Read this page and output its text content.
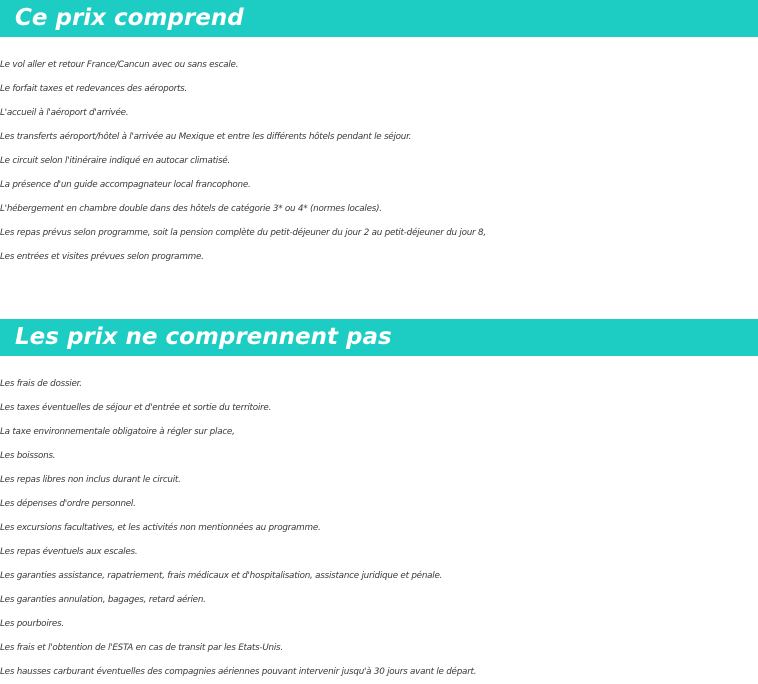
Ce prix comprend
Le vol aller et retour France/Cancun avec ou sans escale.
Le forfait taxes et redevances des aéroports.
L'accueil à l'aéroport d'arrivée.
Les transferts aéroport/hôtel à l'arrivée au Mexique et entre les différents hôtels pendant le séjour.
Le circuit selon l'itinéraire indiqué en autocar climatisé.
La présence d'un guide accompagnateur local francophone.
L'hébergement en chambre double dans des hôtels de catégorie 3* ou 4* (normes locales).
Les repas prévus selon programme, soit la pension complète du petit-déjeuner du jour 2 au petit-déjeuner du jour 8,
Les entrées et visites prévues selon programme.
Les prix ne comprennent pas
Les frais de dossier.
Les taxes éventuelles de séjour et d'entrée et sortie du territoire.
La taxe environnementale obligatoire à régler sur place,
Les boissons.
Les repas libres non inclus durant le circuit.
Les dépenses d'ordre personnel.
Les excursions facultatives, et les activités non mentionnées au programme.
Les repas éventuels aux escales.
Les garanties assistance, rapatriement, frais médicaux et d'hospitalisation, assistance juridique et pénale.
Les garanties annulation, bagages, retard aérien.
Les pourboires.
Les frais et l'obtention de l'ESTA en cas de transit par les Etats-Unis.
Les hausses carburant éventuelles des compagnies aériennes pouvant intervenir jusqu'à 30 jours avant le départ.
